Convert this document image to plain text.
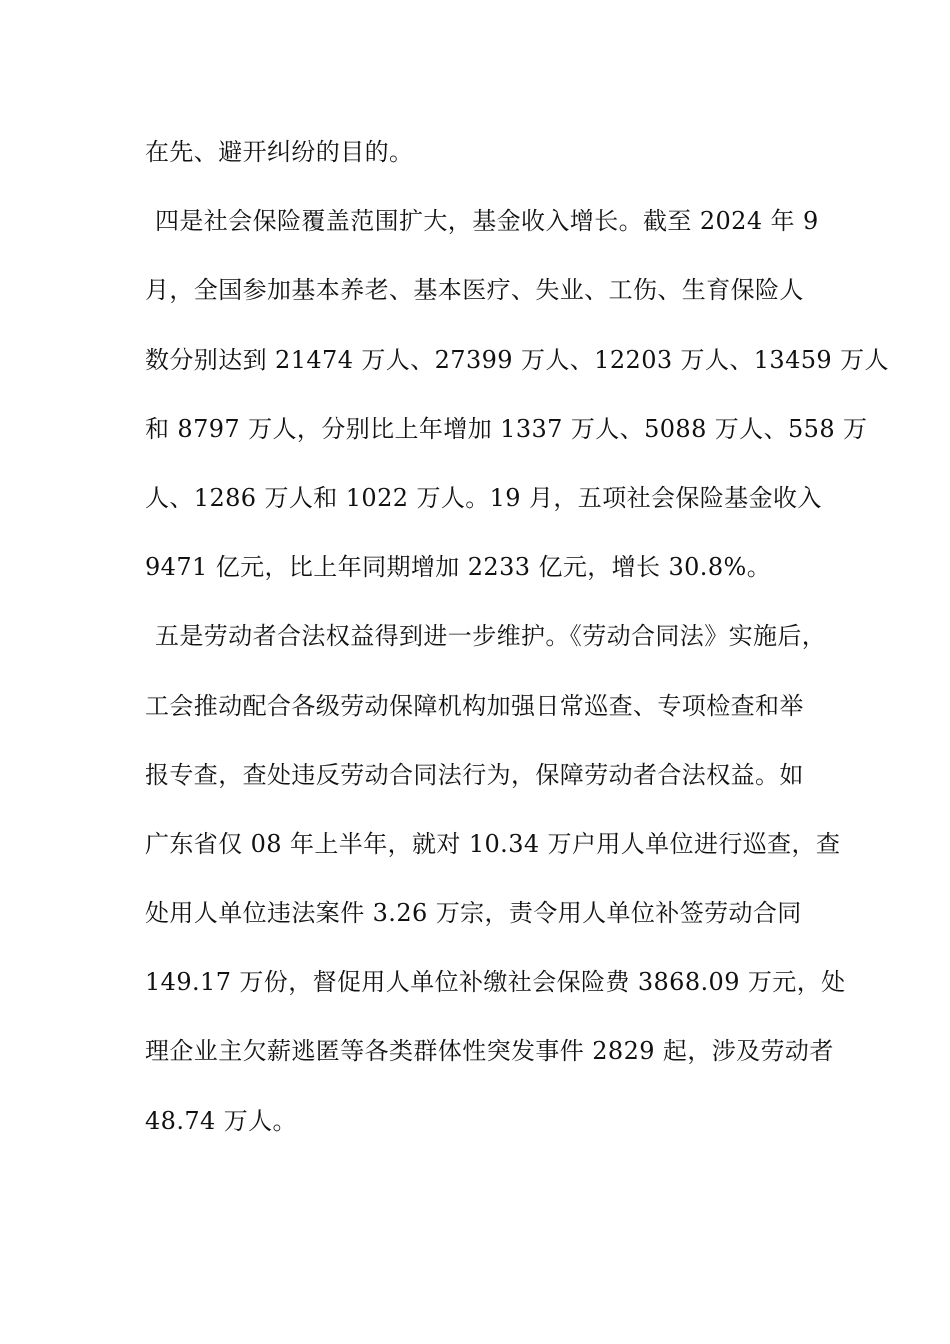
在先、避开纠纷的目的。
四是社会保险覆盖范围扩大，基金收入增长。截至 2024 年 9
月，全国参加基本养老、基本医疗、失业、工伤、生育保险人
数分别达到 21474 万人、27399 万人、12203 万人、13459 万人
和 8797 万人，分别比上年增加 1337 万人、5088 万人、558 万
人、1286 万人和 1022 万人。19 月，五项社会保险基金收入
9471 亿元，比上年同期增加 2233 亿元，增长 30.8%。
五是劳动者合法权益得到进一步维护。《劳动合同法》实施后，
工会推动配合各级劳动保障机构加强日常巡查、专项检查和举
报专查，查处违反劳动合同法行为，保障劳动者合法权益。如
广东省仅 08 年上半年，就对 10.34 万户用人单位进行巡查，查
处用人单位违法案件 3.26 万宗，责令用人单位补签劳动合同
149.17 万份，督促用人单位补缴社会保险费 3868.09 万元，处
理企业主欠薪逃匿等各类群体性突发事件 2829 起，涉及劳动者
48.74 万人。
